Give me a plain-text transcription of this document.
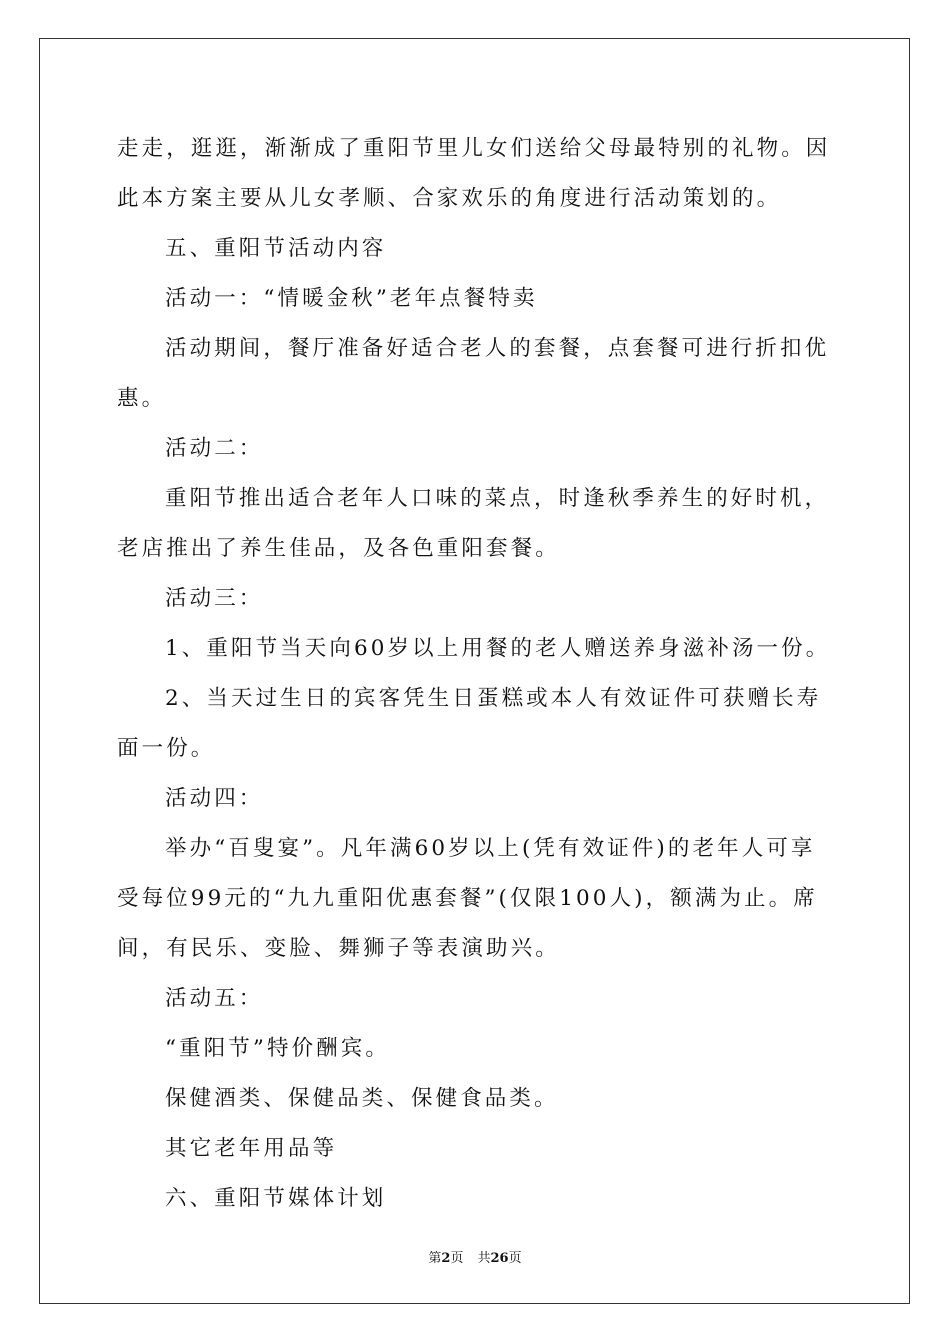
走走，逛逛，渐渐成了重阳节里儿女们送给父母最特别的礼物。因此本方案主要从儿女孝顺、合家欢乐的角度进行活动策划的。

五、重阳节活动内容

活动一：“情暖金秋”老年点餐特卖

活动期间，餐厅准备好适合老人的套餐，点套餐可进行折扣优惠。

活动二：

重阳节推出适合老年人口味的菜点，时逢秋季养生的好时机，老店推出了养生佳品，及各色重阳套餐。

活动三：

1、重阳节当天向60岁以上用餐的老人赠送养身滋补汤一份。

2、当天过生日的宾客凭生日蛋糕或本人有效证件可获赠长寿面一份。

活动四：

举办“百叟宴”。凡年满60岁以上(凭有效证件)的老年人可享受每位99元的“九九重阳优惠套餐”(仅限100人)，额满为止。席间，有民乐、变脸、舞狮子等表演助兴。

活动五：

“重阳节”特价酬宾。

保健酒类、保健品类、保健食品类。

其它老年用品等

六、重阳节媒体计划

第2页 共26页
